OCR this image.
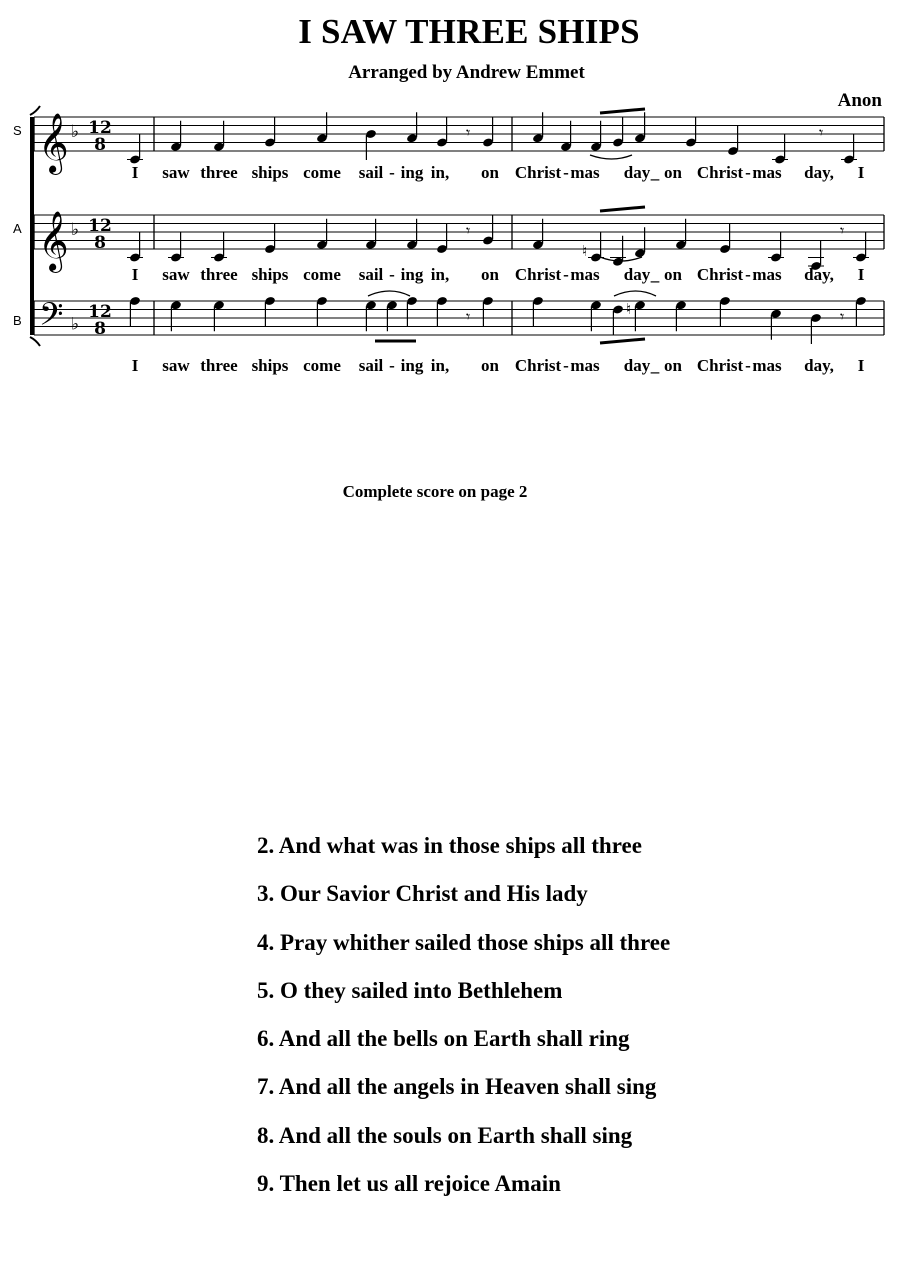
I SAW THREE SHIPS
Arranged by Andrew Emmet
Anon
S
A
B
𝄞 ♭ 12
8
𝄞 ♭ 12
8
𝄢 ♭
12
8
𝄾	𝄾
𝄾	𝄾
𝄾	𝄾
♮
♮
I saw three ships come sail - ing in, on Christ - mas day _ on Christ - mas day, I
I saw three ships come sail - ing in, on Christ - mas day _ on Christ - mas day, I
I saw three ships come sail - ing in, on Christ - mas day _ on Christ - mas day, I
Complete score on page 2
2. And what was in those ships all three
3. Our Savior Christ and His lady
4. Pray whither sailed those ships all three
5. O they sailed into Bethlehem
6. And all the bells on Earth shall ring
7. And all the angels in Heaven shall sing
8. And all the souls on Earth shall sing
9. Then let us all rejoice Amain
